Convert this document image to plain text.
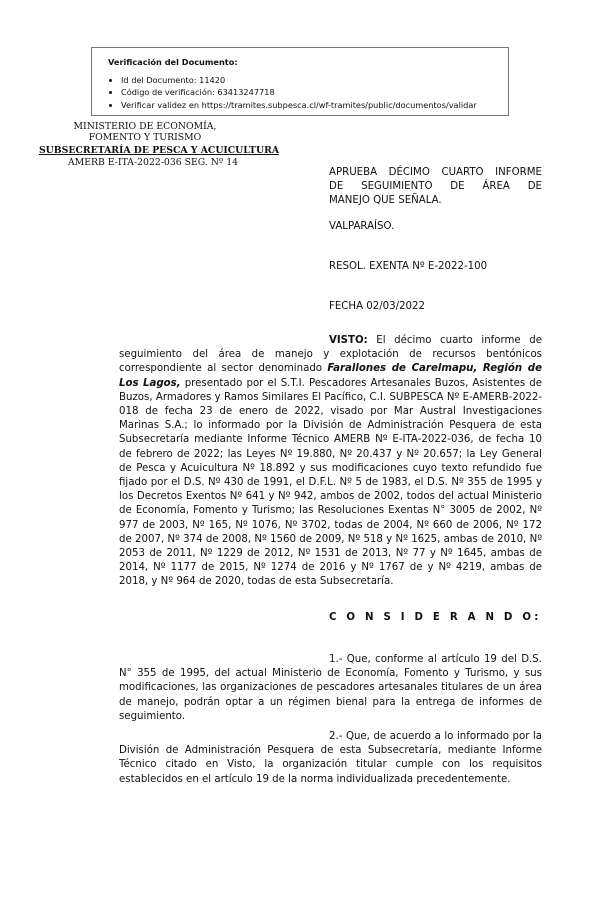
Verificación del Documento:
• Id del Documento: 11420
• Código de verificación: 63413247718
• Verificar validez en https://tramites.subpesca.cl/wf-tramites/public/documentos/validar
MINISTERIO DE ECONOMÍA,
FOMENTO Y TURISMO
SUBSECRETARÍA DE PESCA Y ACUICULTURA
AMERB E-ITA-2022-036 SEG. Nº 14
APRUEBA DÉCIMO CUARTO INFORME
DE SEGUIMIENTO DE ÁREA DE
MANEJO QUE SEÑALA.
VALPARAÍSO.
RESOL. EXENTA Nº E-2022-100
FECHA 02/03/2022
VISTO: El décimo cuarto informe de seguimiento del área de manejo y explotación de recursos bentónicos correspondiente al sector denominado Farallones de Carelmapu, Región de Los Lagos, presentado por el S.T.I. Pescadores Artesanales Buzos, Asistentes de Buzos, Armadores y Ramos Similares El Pacífico, C.I. SUBPESCA Nº E-AMERB-2022-018 de fecha 23 de enero de 2022, visado por Mar Austral Investigaciones Marinas S.A.; lo informado por la División de Administración Pesquera de esta Subsecretaría mediante Informe Técnico AMERB Nº E-ITA-2022-036, de fecha 10 de febrero de 2022; las Leyes Nº 19.880, Nº 20.437 y Nº 20.657; la Ley General de Pesca y Acuicultura Nº 18.892 y sus modificaciones cuyo texto refundido fue fijado por el D.S. Nº 430 de 1991, el D.F.L. Nº 5 de 1983, el D.S. Nº 355 de 1995 y los Decretos Exentos Nº 641 y Nº 942, ambos de 2002, todos del actual Ministerio de Economía, Fomento y Turismo; las Resoluciones Exentas N° 3005 de 2002, Nº 977 de 2003, Nº 165, Nº 1076, Nº 3702, todas de 2004, Nº 660 de 2006, Nº 172 de 2007, Nº 374 de 2008, Nº 1560 de 2009, Nº 518 y Nº 1625, ambas de 2010, Nº 2053 de 2011, Nº 1229 de 2012, Nº 1531 de 2013, Nº 77 y Nº 1645, ambas de 2014, Nº 1177 de 2015, Nº 1274 de 2016 y Nº 1767 de y Nº 4219, ambas de 2018, y Nº 964 de 2020, todas de esta Subsecretaría.
C O N S I D E R A N D O:
1.- Que, conforme al artículo 19 del D.S. N° 355 de 1995, del actual Ministerio de Economía, Fomento y Turismo, y sus modificaciones, las organizaciones de pescadores artesanales titulares de un área de manejo, podrán optar a un régimen bienal para la entrega de informes de seguimiento.
2.- Que, de acuerdo a lo informado por la División de Administración Pesquera de esta Subsecretaría, mediante Informe Técnico citado en Visto, la organización titular cumple con los requisitos establecidos en el artículo 19 de la norma individualizada precedentemente.
